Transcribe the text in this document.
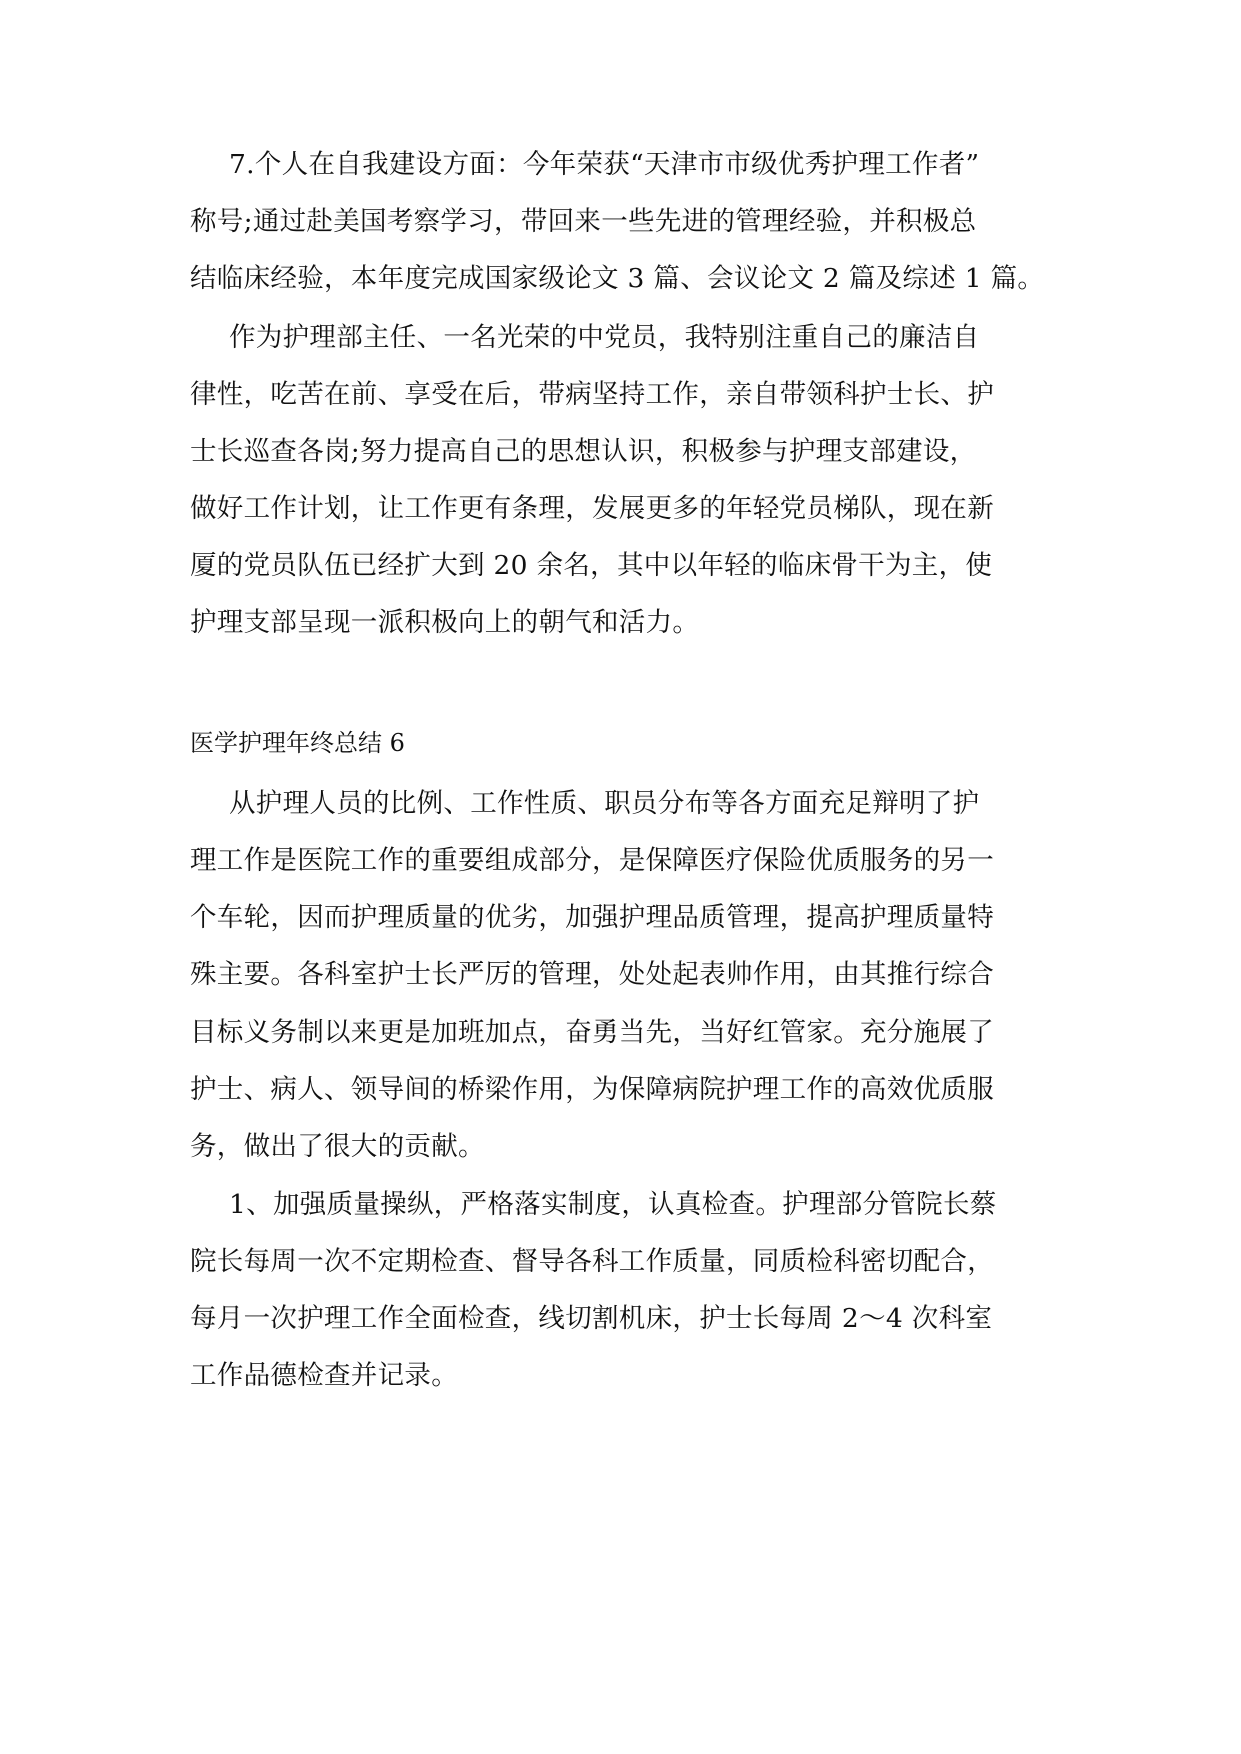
7.个人在自我建设方面：今年荣获“天津市市级优秀护理工作者”

称号;通过赴美国考察学习，带回来一些先进的管理经验，并积极总

结临床经验，本年度完成国家级论文 3 篇、会议论文 2 篇及综述 1 篇。

作为护理部主任、一名光荣的中党员，我特别注重自己的廉洁自

律性，吃苦在前、享受在后，带病坚持工作，亲自带领科护士长、护

士长巡查各岗;努力提高自己的思想认识，积极参与护理支部建设，

做好工作计划，让工作更有条理，发展更多的年轻党员梯队，现在新

厦的党员队伍已经扩大到 20 余名，其中以年轻的临床骨干为主，使

护理支部呈现一派积极向上的朝气和活力。

医学护理年终总结 6

从护理人员的比例、工作性质、职员分布等各方面充足辩明了护

理工作是医院工作的重要组成部分，是保障医疗保险优质服务的另一

个车轮，因而护理质量的优劣，加强护理品质管理，提高护理质量特

殊主要。各科室护士长严厉的管理，处处起表帅作用，由其推行综合

目标义务制以来更是加班加点，奋勇当先，当好红管家。充分施展了

护士、病人、领导间的桥梁作用，为保障病院护理工作的高效优质服

务，做出了很大的贡献。

1、加强质量操纵，严格落实制度，认真检查。护理部分管院长蔡

院长每周一次不定期检查、督导各科工作质量，同质检科密切配合，

每月一次护理工作全面检查，线切割机床，护士长每周 2～4 次科室

工作品德检查并记录。
